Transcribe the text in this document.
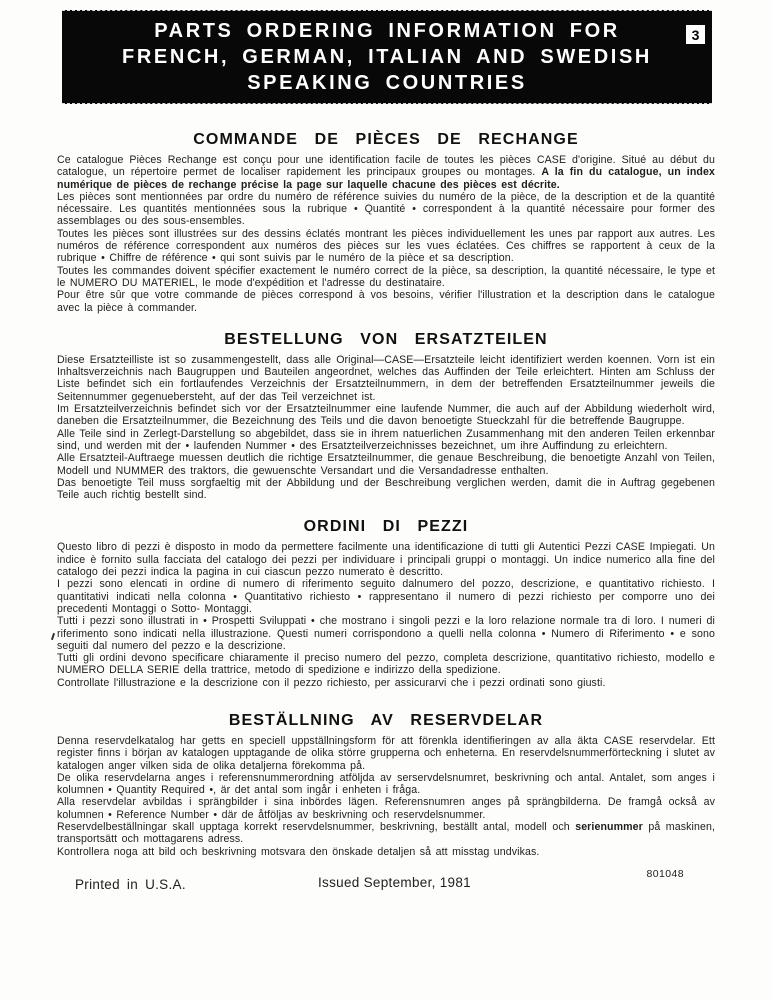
PARTS ORDERING INFORMATION FOR
FRENCH, GERMAN, ITALIAN AND SWEDISH
SPEAKING COUNTRIES
3
COMMANDE DE PIÈCES DE RECHANGE

Ce catalogue Pièces Rechange est conçu pour une identification facile de toutes les pièces CASE d'origine. Situé au début du catalogue, un répertoire permet de localiser rapidement les principaux groupes ou montages. A la fin du catalogue, un index numérique de pièces de rechange précise la page sur laquelle chacune des pièces est décrite.

Les pièces sont mentionnées par ordre du numéro de référence suivies du numéro de la pièce, de la description et de la quantité nécessaire. Les quantités mentionnées sous la rubrique • Quantité • correspondent à la quantité nécessaire pour former des assemblages ou des sous-ensembles.

Toutes les pièces sont illustrées sur des dessins éclatés montrant les pièces individuellement les unes par rapport aux autres. Les numéros de référence correspondent aux numéros des pièces sur les vues éclatées. Ces chiffres se rapportent à ceux de la rubrique • Chiffre de référence • qui sont suivis par le numéro de la pièce et sa description.

Toutes les commandes doivent spécifier exactement le numéro correct de la pièce, sa description, la quantité nécessaire, le type et le NUMERO DU MATERIEL, le mode d'expédition et l'adresse du destinataire.

Pour être sûr que votre commande de pièces correspond à vos besoins, vérifier l'illustration et la description dans le catalogue avec la pièce à commander.

BESTELLUNG VON ERSATZTEILEN

Diese Ersatzteilliste ist so zusammengestellt, dass alle Original—CASE—Ersatzteile leicht identifiziert werden koennen. Vorn ist ein Inhaltsverzeichnis nach Baugruppen und Bauteilen angeordnet, welches das Auffinden der Teile erleichtert. Hinten am Schluss der Liste befindet sich ein fortlaufendes Verzeichnis der Ersatzteilnummern, in dem der betreffenden Ersatzteilnummer jeweils die Seitennummer gegenuebersteht, auf der das Teil verzeichnet ist.

Im Ersatzteilverzeichnis befindet sich vor der Ersatzteilnummer eine laufende Nummer, die auch auf der Abbildung wiederholt wird, daneben die Ersatzteilnummer, die Bezeichnung des Teils und die davon benoetigte Stueckzahl für die betreffende Baugruppe.

Alle Teile sind in Zerlegt-Darstellung so abgebildet, dass sie in ihrem natuerlichen Zusammenhang mit den anderen Teilen erkennbar sind, und werden mit der • laufenden Nummer • des Ersatzteilverzeichnisses bezeichnet, um ihre Auffindung zu erleichtern.

Alle Ersatzteil-Auftraege muessen deutlich die richtige Ersatzteilnummer, die genaue Beschreibung, die benoetigte Anzahl von Teilen, Modell und NUMMER des traktors, die gewuenschte Versandart und die Versandadresse enthalten.

Das benoetigte Teil muss sorgfaeltig mit der Abbildung und der Beschreibung verglichen werden, damit die in Auftrag gegebenen Teile auch richtig bestellt sind.

ORDINI DI PEZZI

Questo libro di pezzi è disposto in modo da permettere facilmente una identificazione di tutti gli Autentici Pezzi CASE Impiegati. Un indice è fornito sulla facciata del catalogo dei pezzi per individuare i principali gruppi o montaggi. Un indice numerico alla fine del catalogo dei pezzi indica la pagina in cui ciascun pezzo numerato è descritto.

I pezzi sono elencati in ordine di numero di riferimento seguito dalnumero del pozzo, descrizione, e quantitativo richiesto. I quantitativi indicati nella colonna • Quantitativo richiesto • rappresentano il numero di pezzi richiesto per comporre uno dei precedenti Montaggi o Sotto- Montaggi.

Tutti i pezzi sono illustrati in • Prospetti Sviluppati • che mostrano i singoli pezzi e la loro relazione normale tra di loro. I numeri di riferimento sono indicati nella illustrazione. Questi numeri corrispondono a quelli nella colonna • Numero di Riferimento • e sono seguiti dal numero del pezzo e la descrizione.

Tutti gli ordini devono specificare chiaramente il preciso numero del pezzo, completa descrizione, quantitativo richiesto, modello e NUMERO DELLA SERIE della trattrice, metodo di spedizione e indirizzo della spedizione.

Controllate l'illustrazione e la descrizione con il pezzo richiesto, per assicurarvi che i pezzi ordinati sono giusti.

BESTÄLLNING AV RESERVDELAR

Denna reservdelkatalog har getts en speciell uppställningsform för att förenkla identifieringen av alla äkta CASE reservdelar. Ett register finns i början av katalogen upptagande de olika större grupperna och enheterna. En reservdelsnummerförteckning i slutet av katalogen anger vilken sida de olika detaljerna förekomma på.

De olika reservdelarna anges i referensnummerordning atföljda av serservdelsnumret, beskrivning och antal. Antalet, som anges i kolumnen • Quantity Required •, är det antal som ingår i enheten i fråga.

Alla reservdelar avbildas i sprängbilder i sina inbördes lägen. Referensnumren anges på sprängbilderna. De framgå också av kolumnen • Reference Number • där de åtföljas av beskrivning och reservdelsnummer.

Reservdelbeställningar skall upptaga korrekt reservdelsnummer, beskrivning, beställt antal, modell och serienummer på maskinen, transportsätt och mottagarens adress.

Kontrollera noga att bild och beskrivning motsvara den önskade detaljen så att misstag undvikas.

Printed in U.S.A.	Issued September, 1981
801048
